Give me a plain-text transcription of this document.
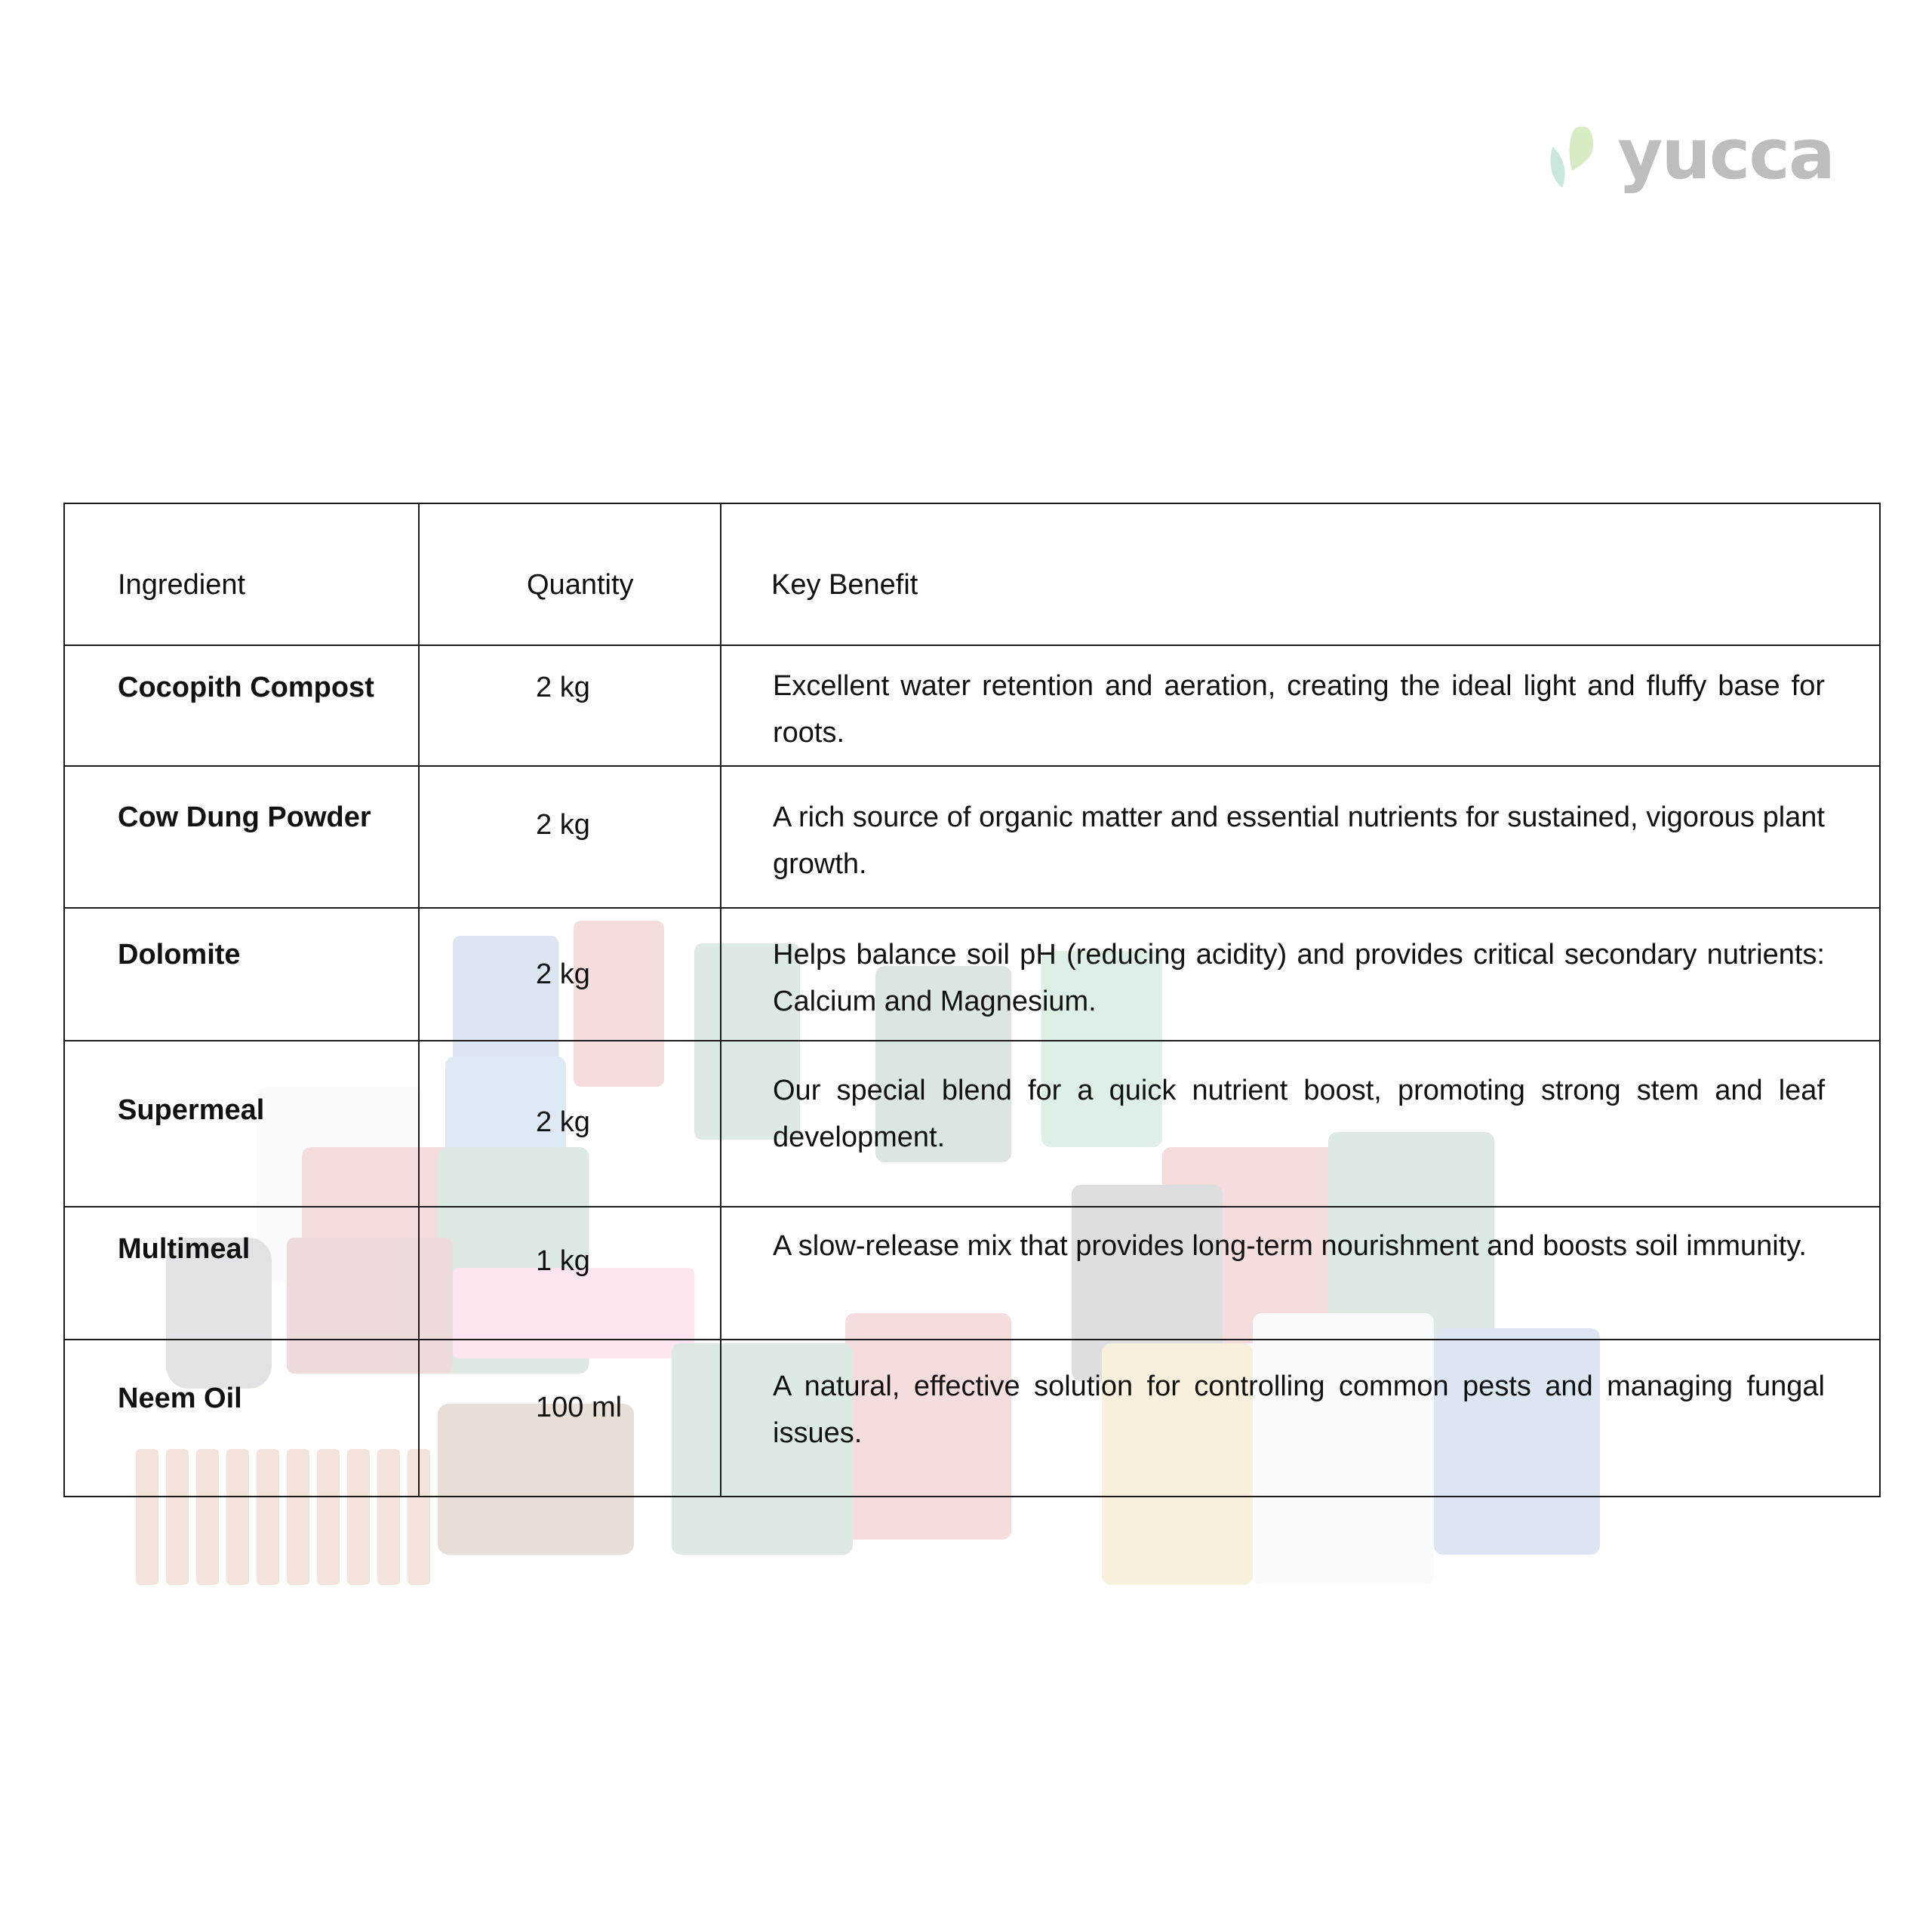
yucca
Ingredient	Quantity	Key Benefit

Cocopith Compost	2 kg	Excellent water retention and aeration, creating the ideal light and fluffy base for roots.

Cow Dung Powder	2 kg	A rich source of organic matter and essential nutrients for sustained, vigorous plant growth.

Dolomite	2 kg	Helps balance soil pH (reducing acidity) and provides critical secondary nutrients: Calcium and Magnesium.

Supermeal	2 kg	Our special blend for a quick nutrient boost, promoting strong stem and leaf development.

Multimeal	1 kg	A slow-release mix that provides long-term nourishment and boosts soil immunity.

Neem Oil	100 ml	A natural, effective solution for controlling common pests and managing fungal issues.
